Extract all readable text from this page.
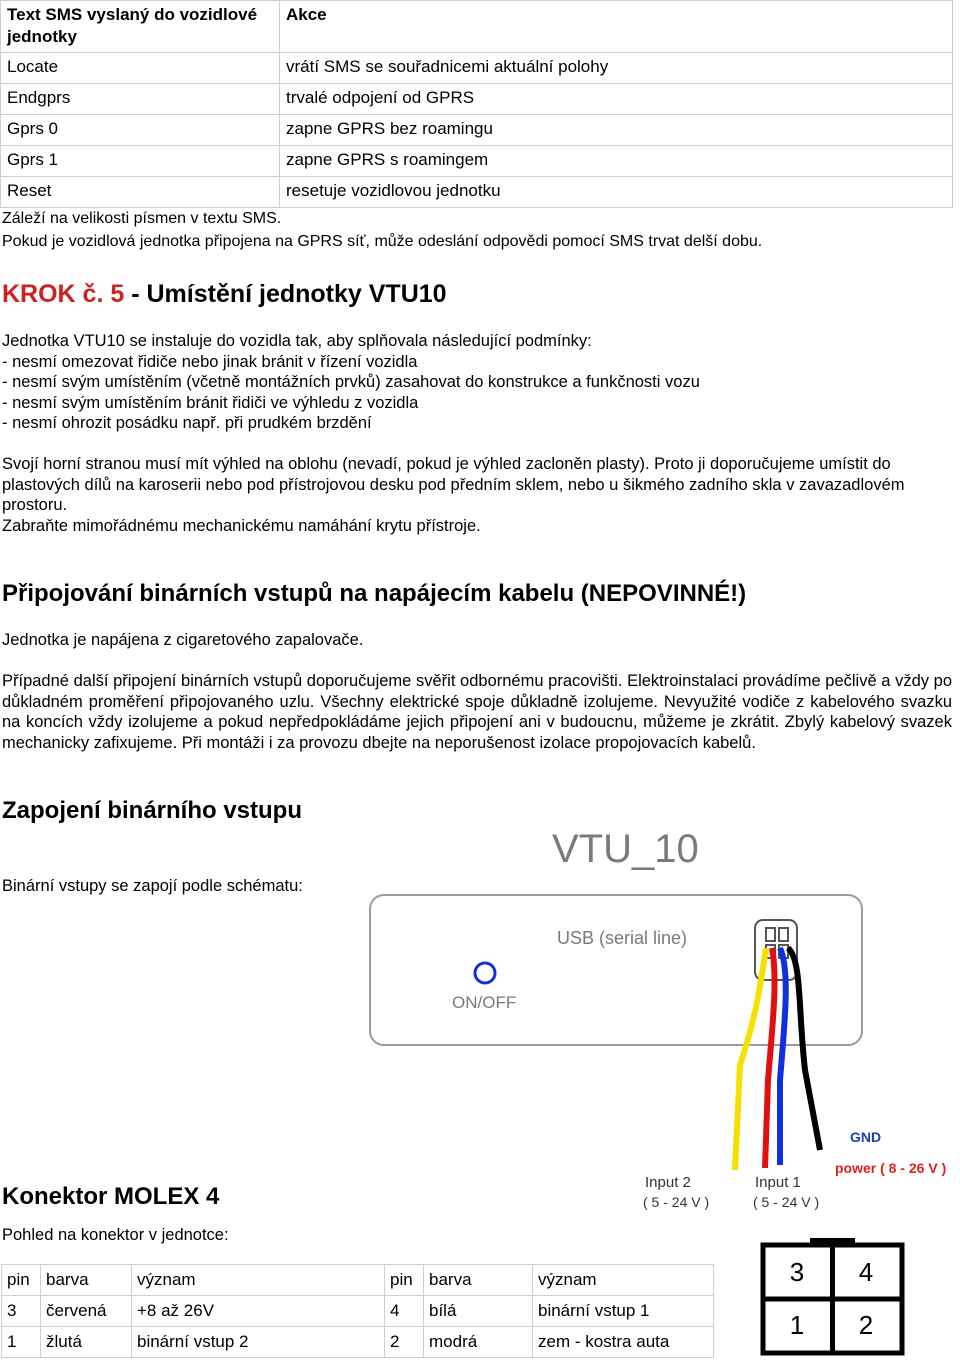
Text SMS vyslaný do vozidlové jednotky	Akce
Locate	vrátí SMS se souřadnicemi aktuální polohy
Endgprs	trvalé odpojení od GPRS
Gprs 0	zapne GPRS bez roamingu
Gprs 1	zapne GPRS s roamingem
Reset	resetuje vozidlovou jednotku
Záleží na velikosti písmen v textu SMS.
Pokud je vozidlová jednotka připojena na GPRS síť, může odeslání odpovědi pomocí SMS trvat delší dobu.
KROK č. 5 - Umístění jednotky VTU10
Jednotka VTU10 se instaluje do vozidla tak, aby splňovala následující podmínky:
- nesmí omezovat řidiče nebo jinak bránit v řízení vozidla
- nesmí svým umístěním (včetně montážních prvků) zasahovat do konstrukce a funkčnosti vozu
- nesmí svým umístěním bránit řidiči ve výhledu z vozidla
- nesmí ohrozit posádku např. při prudkém brzdění
Svojí horní stranou musí mít výhled na oblohu (nevadí, pokud je výhled zacloněn plasty). Proto ji doporučujeme umístit do plastových dílů na karoserii nebo pod přístrojovou desku pod předním sklem, nebo u šikmého zadního skla v zavazadlovém prostoru.
Zabraňte mimořádnému mechanickému namáhání krytu přístroje.
Připojování binárních vstupů na napájecím kabelu (NEPOVINNÉ!)
Jednotka je napájena z cigaretového zapalovače.
Případné další připojení binárních vstupů doporučujeme svěřit odbornému pracovišti. Elektroinstalaci provádíme pečlivě a vždy po důkladném proměření připojovaného uzlu. Všechny elektrické spoje důkladně izolujeme. Nevyužité vodiče z kabelového svazku na koncích vždy izolujeme a pokud nepředpokládáme jejich připojení ani v budoucnu, můžeme je zkrátit. Zbylý kabelový svazek mechanicky zafixujeme. Při montáži i za provozu dbejte na neporušenost izolace propojovacích kabelů.
Zapojení binárního vstupu
Binární vstupy se zapojí podle schématu:
VTU_10
USB (serial line)
ON/OFF
GND
power ( 8 - 26 V )
Input 2
( 5 - 24 V )
Input 1
( 5 - 24 V )
Konektor MOLEX 4
Pohled na konektor v jednotce:
pin	barva	význam	pin	barva	význam
3	červená	+8 až 26V	4	bílá	binární vstup 1
1	žlutá	binární vstup 2	2	modrá	zem - kostra auta
3 4
1 2
